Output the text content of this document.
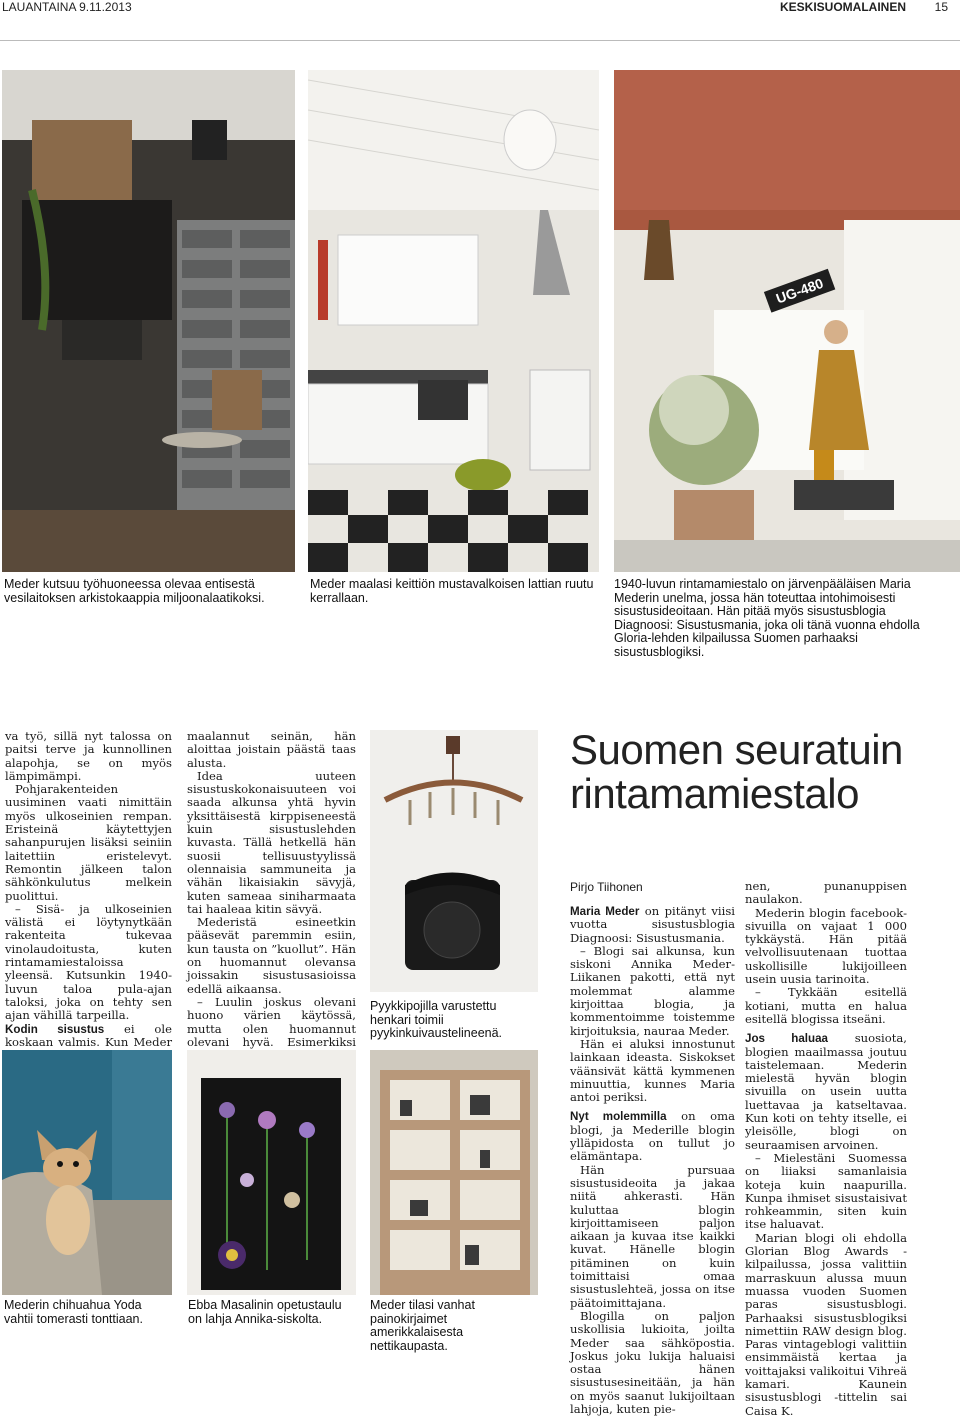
LAUANTAINA 9.11.2013	KESKISUOMALAINEN 15
Meder kutsuu työhuoneessa olevaa entisestä vesilaitoksen arkistokaappia miljoonalaatikoksi.
Meder maalasi keittiön mustavalkoisen lattian ruutu kerrallaan.
UG-480
1940-luvun rintamamiestalo on järvenpääläisen Maria Mederin unelma, jossa hän toteuttaa intohimoisesti sisustusideoitaan. Hän pitää myös sisustusblogia Diagnoosi: Sisustusmania, joka oli tänä vuonna ehdolla Gloria-lehden kilpailussa Suomen parhaaksi sisustusblogiksi.

va työ, sillä nyt talossa on paitsi terve ja kunnollinen alapohja, se on myös lämpimämpi.

Pohjarakenteiden uusiminen vaati nimittäin myös ulkoseinien rempan. Eristeinä käytettyjen sahanpurujen lisäksi seiniin laitettiin eristelevyt. Remontin jälkeen talon sähkönkulutus melkein puolittui.

– Sisä- ja ulkoseinien välistä ei löytynytkään rakenteita tukevaa vinolaudoitusta, kuten rintamamiestaloissa yleensä. Kutsunkin 1940-luvun taloa pula-ajan taloksi, joka on tehty sen ajan vähillä tarpeilla.

Kodin sisustus ei ole koskaan valmis. Kun Meder

maalannut seinän, hän aloittaa joistain päästä taas alusta.

Idea uuteen sisustuskokonaisuuteen voi saada alkunsa yhtä hyvin yksittäisestä kirppiseneestä kuin sisustuslehden kuvasta. Tällä hetkellä hän suosii tellisuustyylissä olennaisia sammuneita ja vähän likaisiakin sävyjä, kuten sameaa siniharmaata tai haaleaa kitin sävyä.

Mederistä esineetkin pääsevät paremmin esiin, kun tausta on ”kuollut”. Hän on huomannut olevansa joissakin sisustusasioissa edellä aikaansa.

– Luulin joskus olevani huono värien käytössä, mutta olen huomannut olevani hyvä. Esimerkiksi

Pyykkipojilla varustettu henkari toimii pyykinkuivaustelineenä.
Suomen seuratuin rintamamiestalo
Pirjo Tiihonen

Maria Meder on pitänyt viisi vuotta sisustusblogia Diagnoosi: Sisustusmania.

– Blogi sai alkunsa, kun siskoni Annika Meder-Liikanen pakotti, että nyt molemmat alamme kirjoittaa blogia, ja kommentoimme toistemme kirjoituksia, nauraa Meder.

Hän ei aluksi innostunut lainkaan ideasta. Siskokset väänsivät kättä kymmenen minuuttia, kunnes Maria antoi periksi.

Nyt molemmilla on oma blogi, ja Mederille blogin ylläpidosta on tullut jo elämäntapa.

Hän pursuaa sisustusideoita ja jakaa niitä ahkerasti. Hän kuluttaa blogin kirjoittamiseen paljon aikaan ja kuvaa itse kaikki kuvat. Hänelle blogin pitäminen on kuin toimittaisi omaa sisustuslehteä, jossa on itse päätoimittajana.

Blogilla on paljon uskollisia lukioita, joilta Meder saa sähköpostia. Joskus joku lukija haluaisi ostaa hänen sisustusesineitään, ja hän on myös saanut lukijoiltaan lahjoja, kuten pie-

nen, punanuppisen naulakon.

Mederin blogin facebook-sivuilla on vajaat 1 000 tykkäystä. Hän pitää velvollisuutenaan tuottaa uskollisille lukijoilleen usein uusia tarinoita.

– Tykkään esitellä kotiani, mutta en halua esitellä blogissa itseäni.

Jos haluaa suosiota, blogien maailmassa joutuu taistelemaan. Mederin mielestä hyvän blogin sivuilla on usein uutta luettavaa ja katseltavaa. Kun koti on tehty itselle, ei yleisölle, blogi on seuraamisen arvoinen.

– Mielestäni Suomessa on liiaksi samanlaisia koteja kuin naapurilla. Kunpa ihmiset sisustaisivat rohkeammin, siten kuin itse haluavat.

Marian blogi oli ehdolla Glorian Blog Awards -kilpailussa, jossa valittiin marraskuun alussa muun muassa vuoden Suomen paras sisustusblogi. Parhaaksi sisustusblogiksi nimettiin RAW design blog. Paras vintageblogi valittiin ensimmäistä kertaa ja voittajaksi valikoitui Vihreä kamari. Kaunein sisustusblogi -tittelin sai Caisa K.

Mederin chihuahua Yoda vahtii tomerasti tonttiaan.
Ebba Masalinin opetustaulu on lahja Annika-siskolta.
Meder tilasi vanhat painokirjaimet amerikkalaisesta nettikaupasta.
